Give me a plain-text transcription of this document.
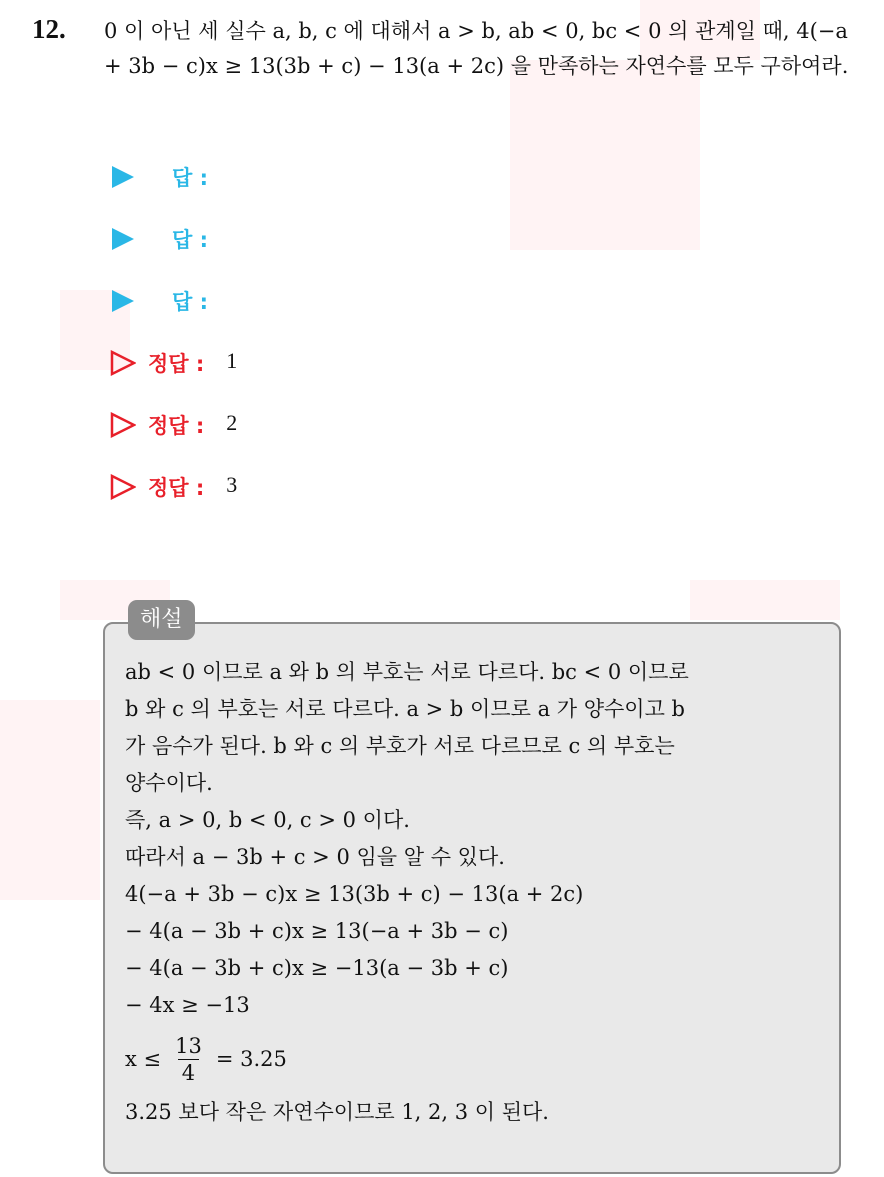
12. 0 이 아닌 세 실수 a, b, c 에 대해서 a > b, ab < 0, bc < 0 의 관계일 때, 4(−a + 3b − c)x ≥ 13(3b + c) − 13(a + 2c) 을 만족하는 자연수를 모두 구하여라.
답 :
답 :
답 :
정답 : 1
정답 : 2
정답 : 3
해설
ab < 0 이므로 a 와 b 의 부호는 서로 다르다. bc < 0 이므로
b 와 c 의 부호는 서로 다르다. a > b 이므로 a 가 양수이고 b
가 음수가 된다. b 와 c 의 부호가 서로 다르므로 c 의 부호는
양수이다.
즉, a > 0, b < 0, c > 0 이다.
따라서 a − 3b + c > 0 임을 알 수 있다.
4(−a + 3b − c)x ≥ 13(3b + c) − 13(a + 2c)
− 4(a − 3b + c)x ≥ 13(−a + 3b − c)
− 4(a − 3b + c)x ≥ −13(a − 3b + c)
− 4x ≥ −13
$x \le \frac{13}{4} = 3.25$
3.25 보다 작은 자연수이므로 1, 2, 3 이 된다.
